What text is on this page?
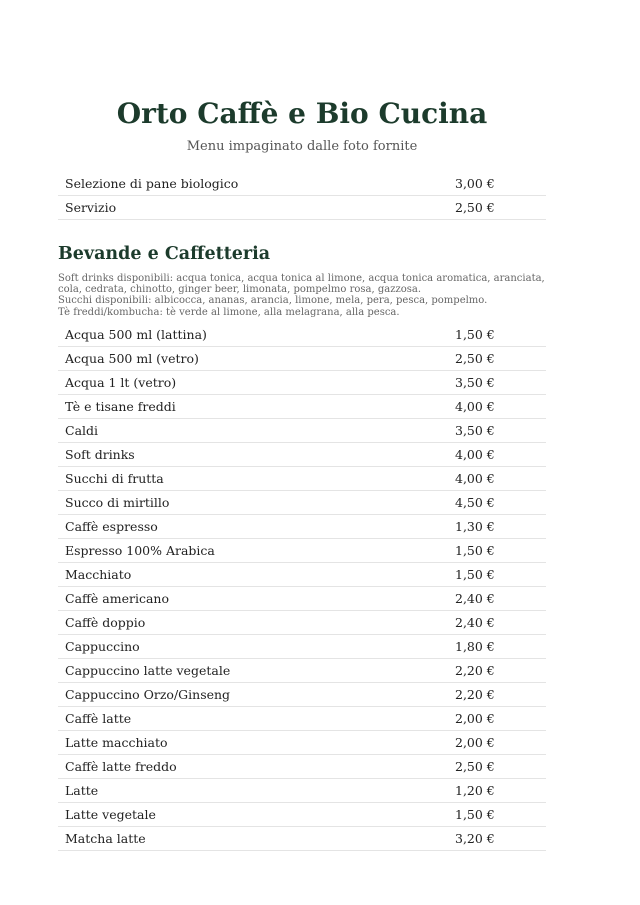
Orto Caffè e Bio Cucina
Menu impaginato dalle foto fornite
Selezione di pane biologico	3,00 €
Servizio	2,50 €
Bevande e Caffetteria
Soft drinks disponibili: acqua tonica, acqua tonica al limone, acqua tonica aromatica, aranciata, cola, cedrata, chinotto, ginger beer, limonata, pompelmo rosa, gazzosa.
Succhi disponibili: albicocca, ananas, arancia, limone, mela, pera, pesca, pompelmo.
Tè freddi/kombucha: tè verde al limone, alla melagrana, alla pesca.
Acqua 500 ml (lattina)	1,50 €
Acqua 500 ml (vetro)	2,50 €
Acqua 1 lt (vetro)	3,50 €
Tè e tisane freddi	4,00 €
Caldi	3,50 €
Soft drinks	4,00 €
Succhi di frutta	4,00 €
Succo di mirtillo	4,50 €
Caffè espresso	1,30 €
Espresso 100% Arabica	1,50 €
Macchiato	1,50 €
Caffè americano	2,40 €
Caffè doppio	2,40 €
Cappuccino	1,80 €
Cappuccino latte vegetale	2,20 €
Cappuccino Orzo/Ginseng	2,20 €
Caffè latte	2,00 €
Latte macchiato	2,00 €
Caffè latte freddo	2,50 €
Latte	1,20 €
Latte vegetale	1,50 €
Matcha latte	3,20 €
